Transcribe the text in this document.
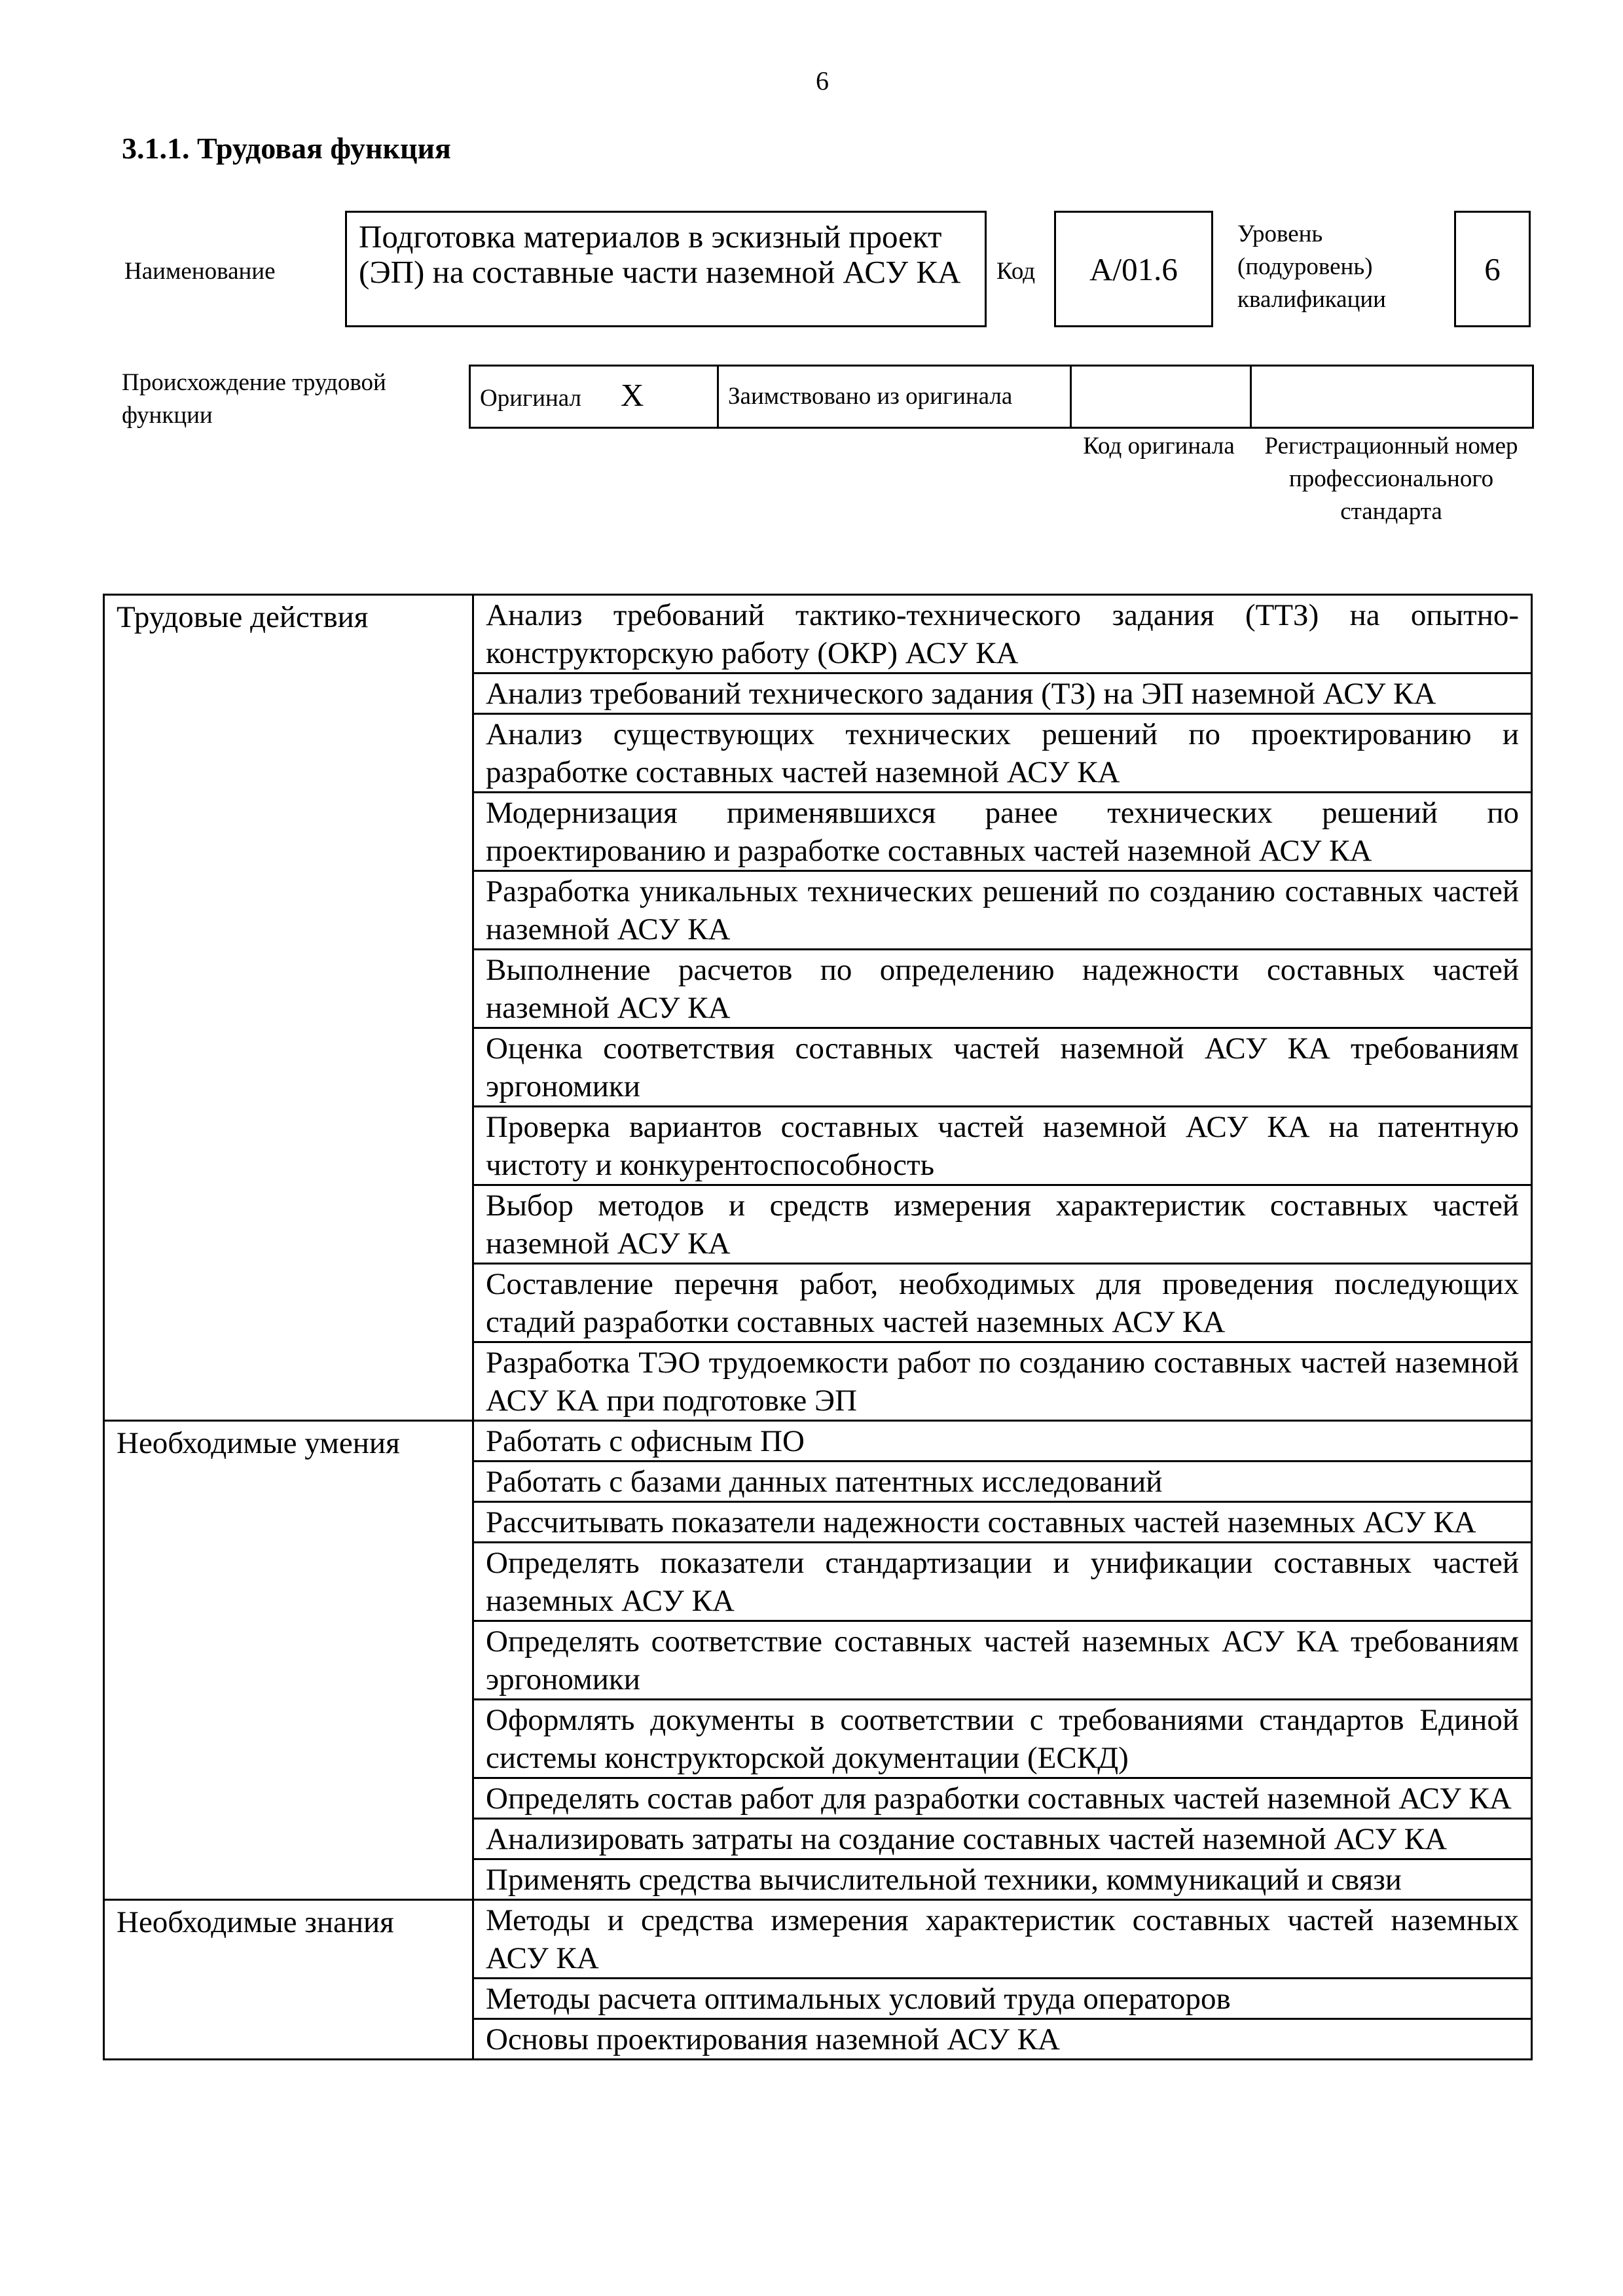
6
3.1.1. Трудовая функция
Наименование
Подготовка материалов в эскизный проект (ЭП) на составные части наземной АСУ КА	Код А/01.6
Уровень
(подуровень)
квалификации
6
Происхождение трудовой функции
Оригинал X	Заимствовано из оригинала		
Код оригинала	Регистрационный номер профессионального стандарта
Трудовые действия	Анализ требований тактико-технического задания (ТТЗ) на опытно-конструкторскую работу (ОКР) АСУ КА
	Анализ требований технического задания (ТЗ) на ЭП наземной АСУ КА
	Анализ существующих технических решений по проектированию и разработке составных частей наземной АСУ КА
	Модернизация применявшихся ранее технических решений по проектированию и разработке составных частей наземной АСУ КА
	Разработка уникальных технических решений по созданию составных частей наземной АСУ КА
	Выполнение расчетов по определению надежности составных частей наземной АСУ КА
	Оценка соответствия составных частей наземной АСУ КА требованиям эргономики
	Проверка вариантов составных частей наземной АСУ КА на патентную чистоту и конкурентоспособность
	Выбор методов и средств измерения характеристик составных частей наземной АСУ КА
	Составление перечня работ, необходимых для проведения последующих стадий разработки составных частей наземных АСУ КА
	Разработка ТЭО трудоемкости работ по созданию составных частей наземной АСУ КА при подготовке ЭП
Необходимые умения	Работать с офисным ПО
	Работать с базами данных патентных исследований
	Рассчитывать показатели надежности составных частей наземных АСУ КА
	Определять показатели стандартизации и унификации составных частей наземных АСУ КА
	Определять соответствие составных частей наземных АСУ КА требованиям эргономики
	Оформлять документы в соответствии с требованиями стандартов Единой системы конструкторской документации (ЕСКД)
	Определять состав работ для разработки составных частей наземной АСУ КА
	Анализировать затраты на создание составных частей наземной АСУ КА
	Применять средства вычислительной техники, коммуникаций и связи
Необходимые знания	Методы и средства измерения характеристик составных частей наземных АСУ КА
	Методы расчета оптимальных условий труда операторов
	Основы проектирования наземной АСУ КА
